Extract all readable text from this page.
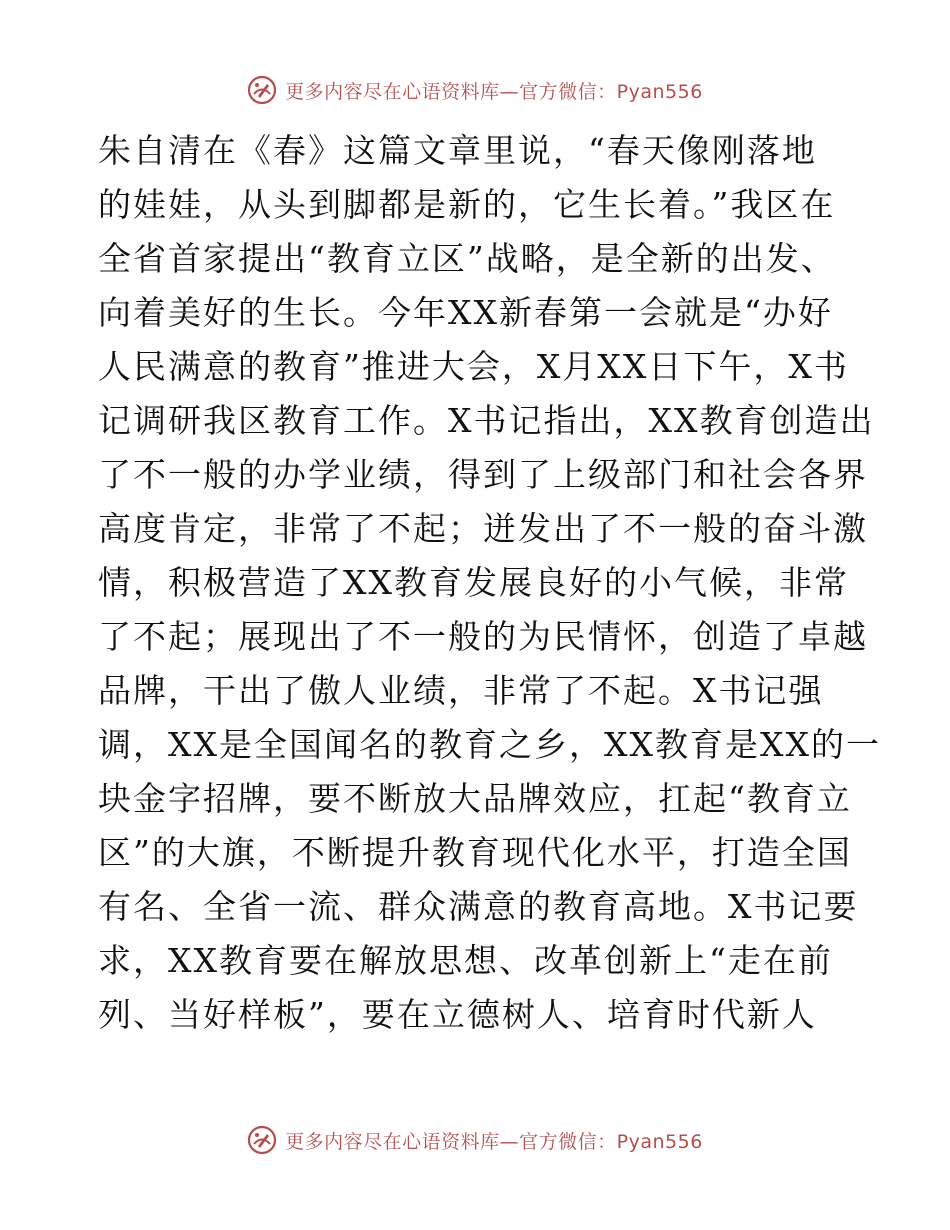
更多内容尽在心语资料库—官方微信：Pyan556
朱自清在《春》这篇文章里说，“春天像刚落地
的娃娃，从头到脚都是新的，它生长着。”我区在
全省首家提出“教育立区”战略，是全新的出发、
向着美好的生长。今年XX新春第一会就是“办好
人民满意的教育”推进大会，X月XX日下午，X书
记调研我区教育工作。X书记指出，XX教育创造出
了不一般的办学业绩，得到了上级部门和社会各界
高度肯定，非常了不起；迸发出了不一般的奋斗激
情，积极营造了XX教育发展良好的小气候，非常
了不起；展现出了不一般的为民情怀，创造了卓越
品牌，干出了傲人业绩，非常了不起。X书记强
调，XX是全国闻名的教育之乡，XX教育是XX的一
块金字招牌，要不断放大品牌效应，扛起“教育立
区”的大旗，不断提升教育现代化水平，打造全国
有名、全省一流、群众满意的教育高地。X书记要
求，XX教育要在解放思想、改革创新上“走在前
列、当好样板”，要在立德树人、培育时代新人
更多内容尽在心语资料库—官方微信：Pyan556
